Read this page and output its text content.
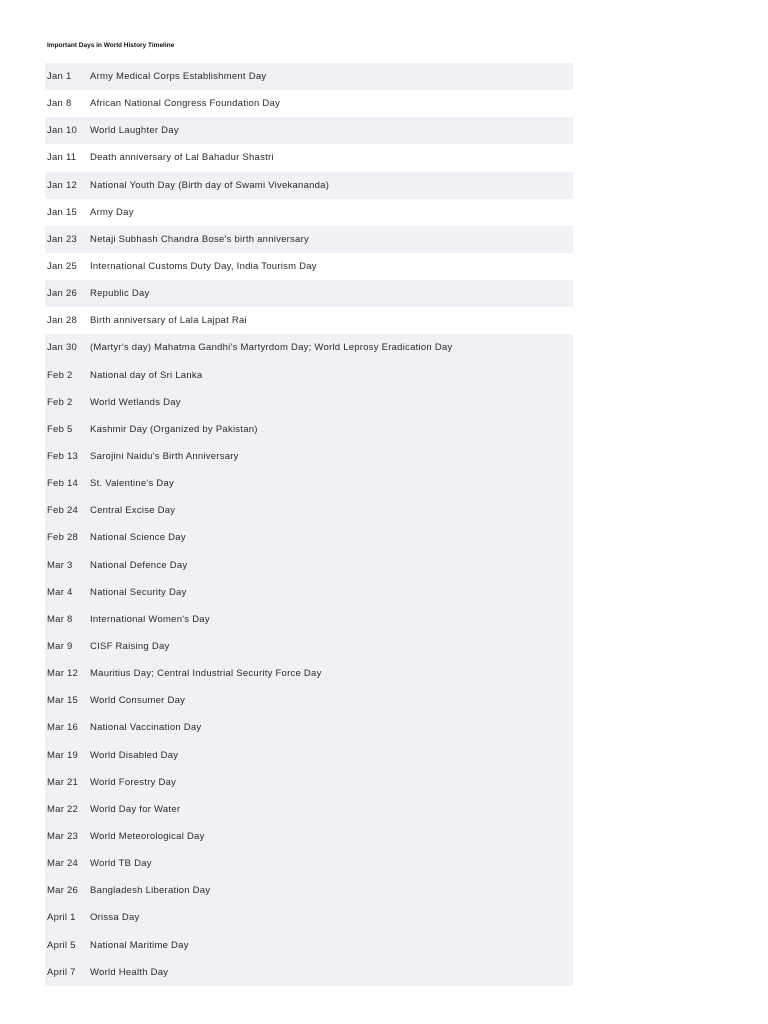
Important Days in World History Timeline
Jan 1 Army Medical Corps Establishment Day
Jan 8 African National Congress Foundation Day
Jan 10 World Laughter Day
Jan 11 Death anniversary of Lal Bahadur Shastri
Jan 12 National Youth Day (Birth day of Swami Vivekananda)
Jan 15 Army Day
Jan 23 Netaji Subhash Chandra Bose's birth anniversary
Jan 25 International Customs Duty Day, India Tourism Day
Jan 26 Republic Day
Jan 28 Birth anniversary of Lala Lajpat Rai
Jan 30 (Martyr's day) Mahatma Gandhi's Martyrdom Day; World Leprosy Eradication Day
Feb 2 National day of Sri Lanka
Feb 2 World Wetlands Day
Feb 5 Kashmir Day (Organized by Pakistan)
Feb 13 Sarojini Naidu's Birth Anniversary
Feb 14 St. Valentine's Day
Feb 24 Central Excise Day
Feb 28 National Science Day
Mar 3 National Defence Day
Mar 4 National Security Day
Mar 8 International Women's Day
Mar 9 CISF Raising Day
Mar 12 Mauritius Day; Central Industrial Security Force Day
Mar 15 World Consumer Day
Mar 16 National Vaccination Day
Mar 19 World Disabled Day
Mar 21 World Forestry Day
Mar 22 World Day for Water
Mar 23 World Meteorological Day
Mar 24 World TB Day
Mar 26 Bangladesh Liberation Day
April 1 Orissa Day
April 5 National Maritime Day
April 7 World Health Day
